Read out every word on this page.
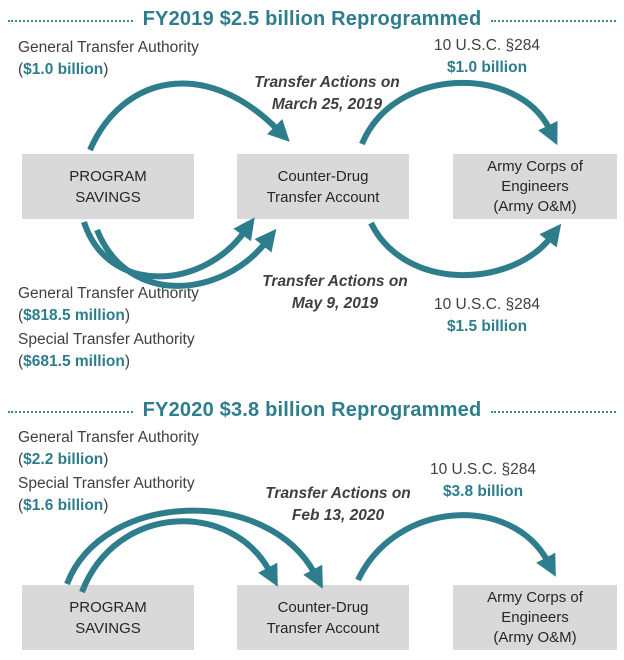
FY2019 $2.5 billion Reprogrammed
General Transfer Authority
($1.0 billion)
10 U.S.C. §284
$1.0 billion
Transfer Actions on
March 25, 2019
PROGRAM
SAVINGS
Counter-Drug
Transfer Account
Army Corps of
Engineers
(Army O&M)
Transfer Actions on
May 9, 2019
General Transfer Authority
($818.5 million)
Special Transfer Authority
($681.5 million)
10 U.S.C. §284
$1.5 billion
FY2020 $3.8 billion Reprogrammed
General Transfer Authority
($2.2 billion)
Special Transfer Authority
($1.6 billion)
10 U.S.C. §284
$3.8 billion
Transfer Actions on
Feb 13, 2020
PROGRAM
SAVINGS
Counter-Drug
Transfer Account
Army Corps of
Engineers
(Army O&M)
